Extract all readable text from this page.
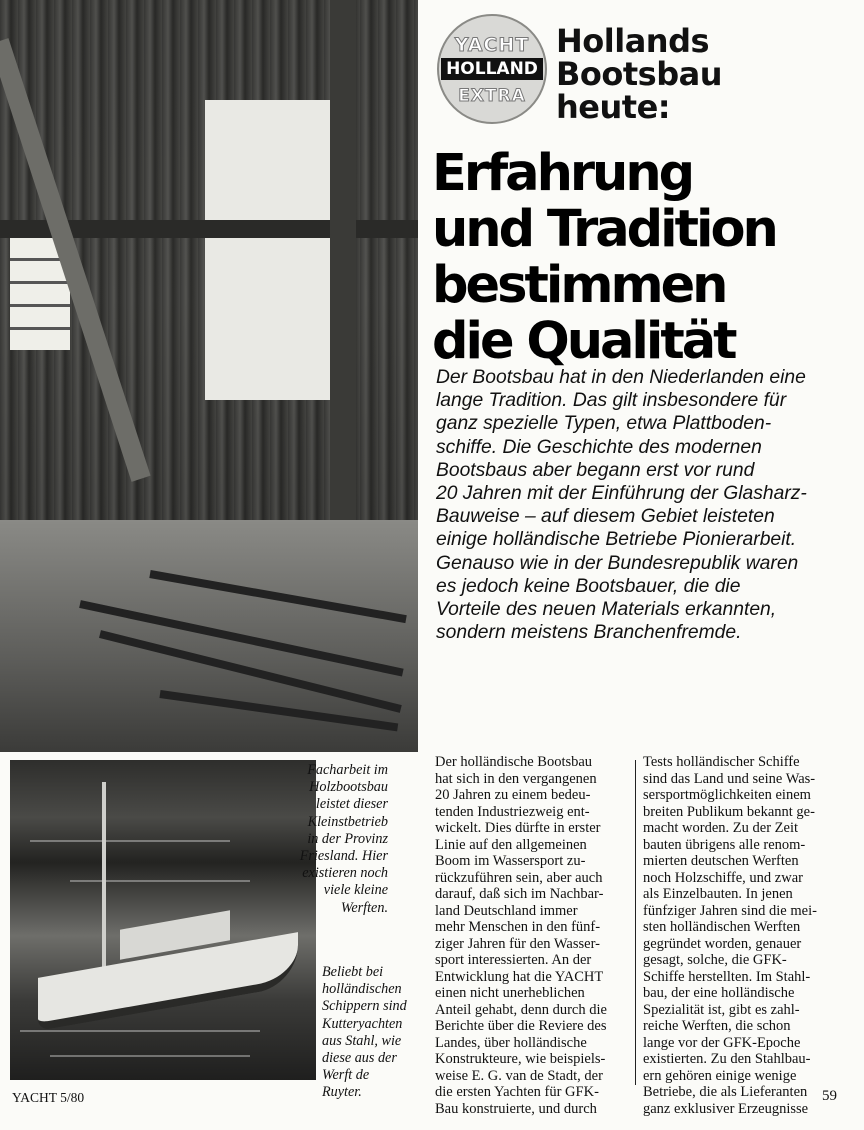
YACHT
HOLLAND
EXTRA
Hollands
Bootsbau
heute:
Erfahrung
und Tradition
bestimmen
die Qualität
Der Bootsbau hat in den Niederlanden eine
lange Tradition. Das gilt insbesondere für
ganz spezielle Typen, etwa Plattboden-
schiffe. Die Geschichte des modernen
Bootsbaus aber begann erst vor rund
20 Jahren mit der Einführung der Glasharz-
Bauweise – auf diesem Gebiet leisteten
einige holländische Betriebe Pionierarbeit.
Genauso wie in der Bundesrepublik waren
es jedoch keine Bootsbauer, die die
Vorteile des neuen Materials erkannten,
sondern meistens Branchenfremde.
Facharbeit im
Holzbootsbau
leistet dieser
Kleinstbetrieb
in der Provinz
Friesland. Hier
existieren noch
viele kleine
Werften.
Beliebt bei
holländischen
Schippern sind
Kutteryachten
aus Stahl, wie
diese aus der
Werft de
Ruyter.
Der holländische Bootsbau
hat sich in den vergangenen
20 Jahren zu einem bedeu-
tenden Industriezweig ent-
wickelt. Dies dürfte in erster
Linie auf den allgemeinen
Boom im Wassersport zu-
rückzuführen sein, aber auch
darauf, daß sich im Nachbar-
land Deutschland immer
mehr Menschen in den fünf-
ziger Jahren für den Wasser-
sport interessierten. An der
Entwicklung hat die YACHT
einen nicht unerheblichen
Anteil gehabt, denn durch die
Berichte über die Reviere des
Landes, über holländische
Konstrukteure, wie beispiels-
weise E. G. van de Stadt, der
die ersten Yachten für GFK-
Bau konstruierte, und durch
Tests holländischer Schiffe
sind das Land und seine Was-
sersportmöglichkeiten einem
breiten Publikum bekannt ge-
macht worden. Zu der Zeit
bauten übrigens alle renom-
mierten deutschen Werften
noch Holzschiffe, und zwar
als Einzelbauten. In jenen
fünfziger Jahren sind die mei-
sten holländischen Werften
gegründet worden, genauer
gesagt, solche, die GFK-
Schiffe herstellten. Im Stahl-
bau, der eine holländische
Spezialität ist, gibt es zahl-
reiche Werften, die schon
lange vor der GFK-Epoche
existierten. Zu den Stahlbau-
ern gehören einige wenige
Betriebe, die als Lieferanten
ganz exklusiver Erzeugnisse
YACHT 5/80	59
